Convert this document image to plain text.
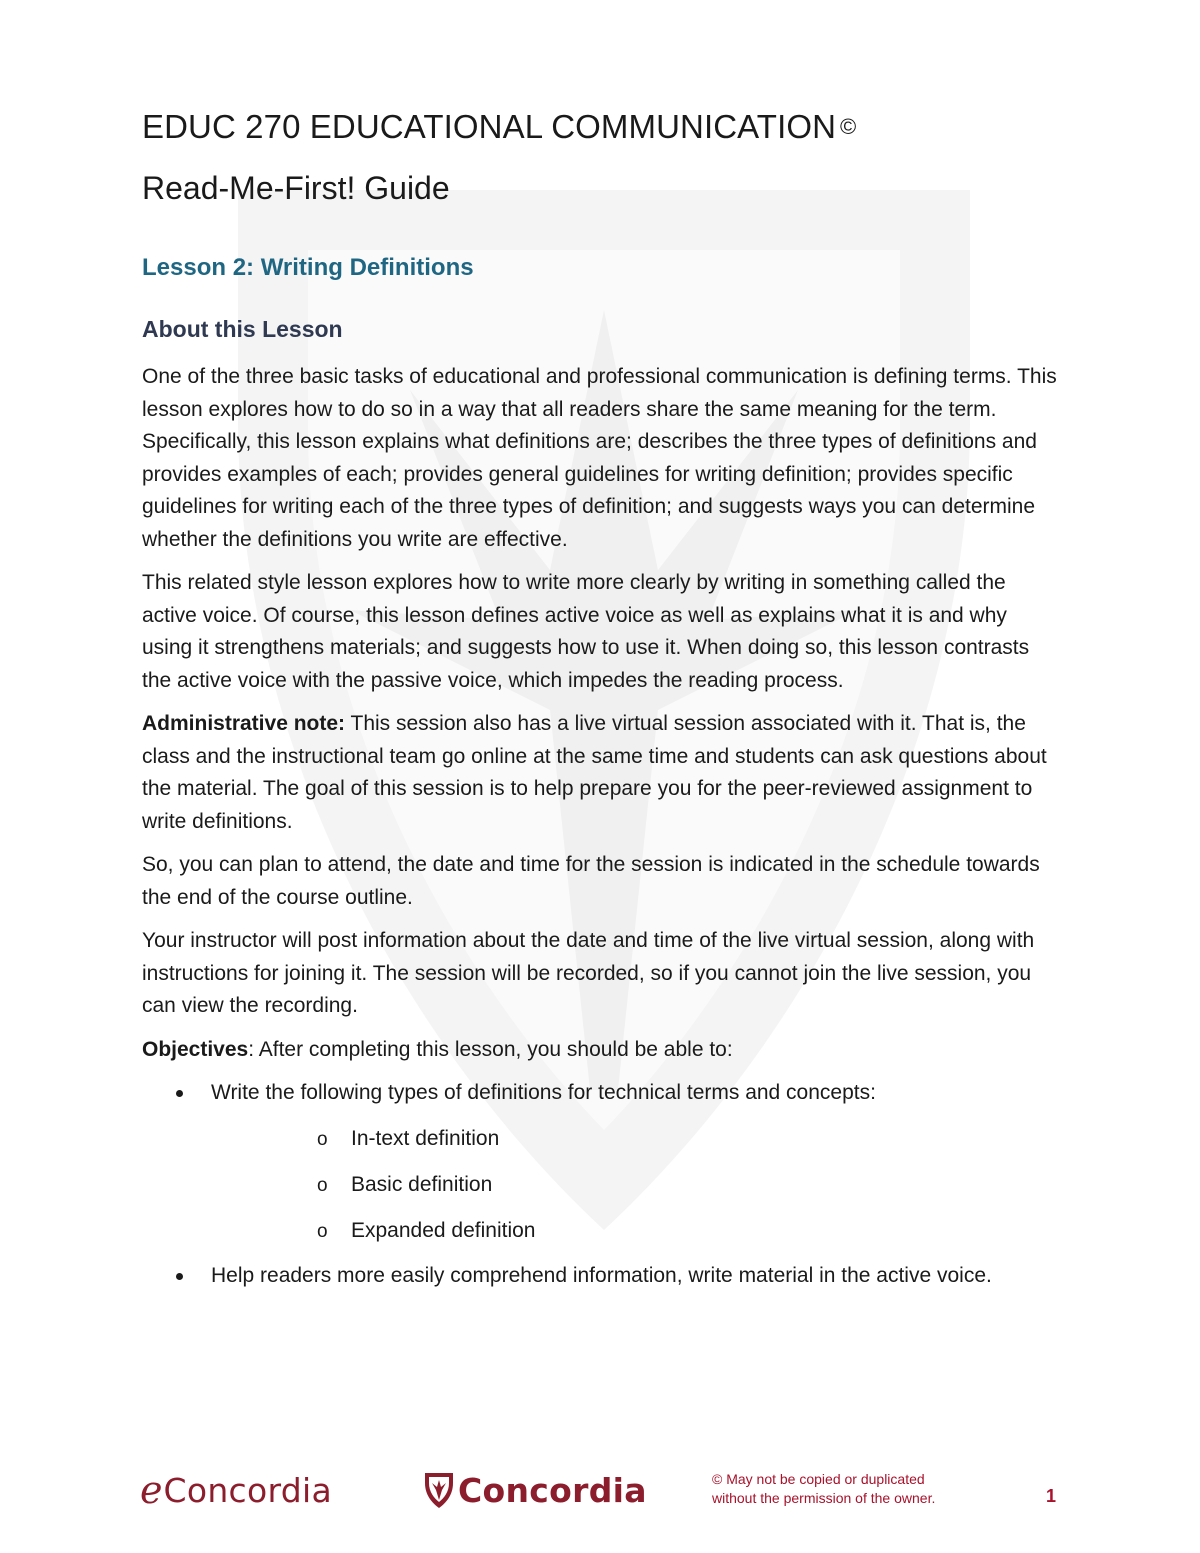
EDUC 270 EDUCATIONAL COMMUNICATION ©
Read-Me-First! Guide
Lesson 2: Writing Definitions
About this Lesson

One of the three basic tasks of educational and professional communication is defining terms. This lesson explores how to do so in a way that all readers share the same meaning for the term. Specifically, this lesson explains what definitions are; describes the three types of definitions and provides examples of each; provides general guidelines for writing definition; provides specific guidelines for writing each of the three types of definition; and suggests ways you can determine whether the definitions you write are effective.

This related style lesson explores how to write more clearly by writing in something called the active voice. Of course, this lesson defines active voice as well as explains what it is and why using it strengthens materials; and suggests how to use it. When doing so, this lesson contrasts the active voice with the passive voice, which impedes the reading process.

Administrative note: This session also has a live virtual session associated with it. That is, the class and the instructional team go online at the same time and students can ask questions about the material. The goal of this session is to help prepare you for the peer-reviewed assignment to write definitions.

So, you can plan to attend, the date and time for the session is indicated in the schedule towards the end of the course outline.

Your instructor will post information about the date and time of the live virtual session, along with instructions for joining it. The session will be recorded, so if you cannot join the live session, you can view the recording.

Objectives: After completing this lesson, you should be able to:

Write the following types of definitions for technical terms and concepts:
o In-text definition
o Basic definition
o Expanded definition
Help readers more easily comprehend information, write material in the active voice.
e Concordia	Concordia	© May not be copied or duplicated
without the permission of the owner.	1
